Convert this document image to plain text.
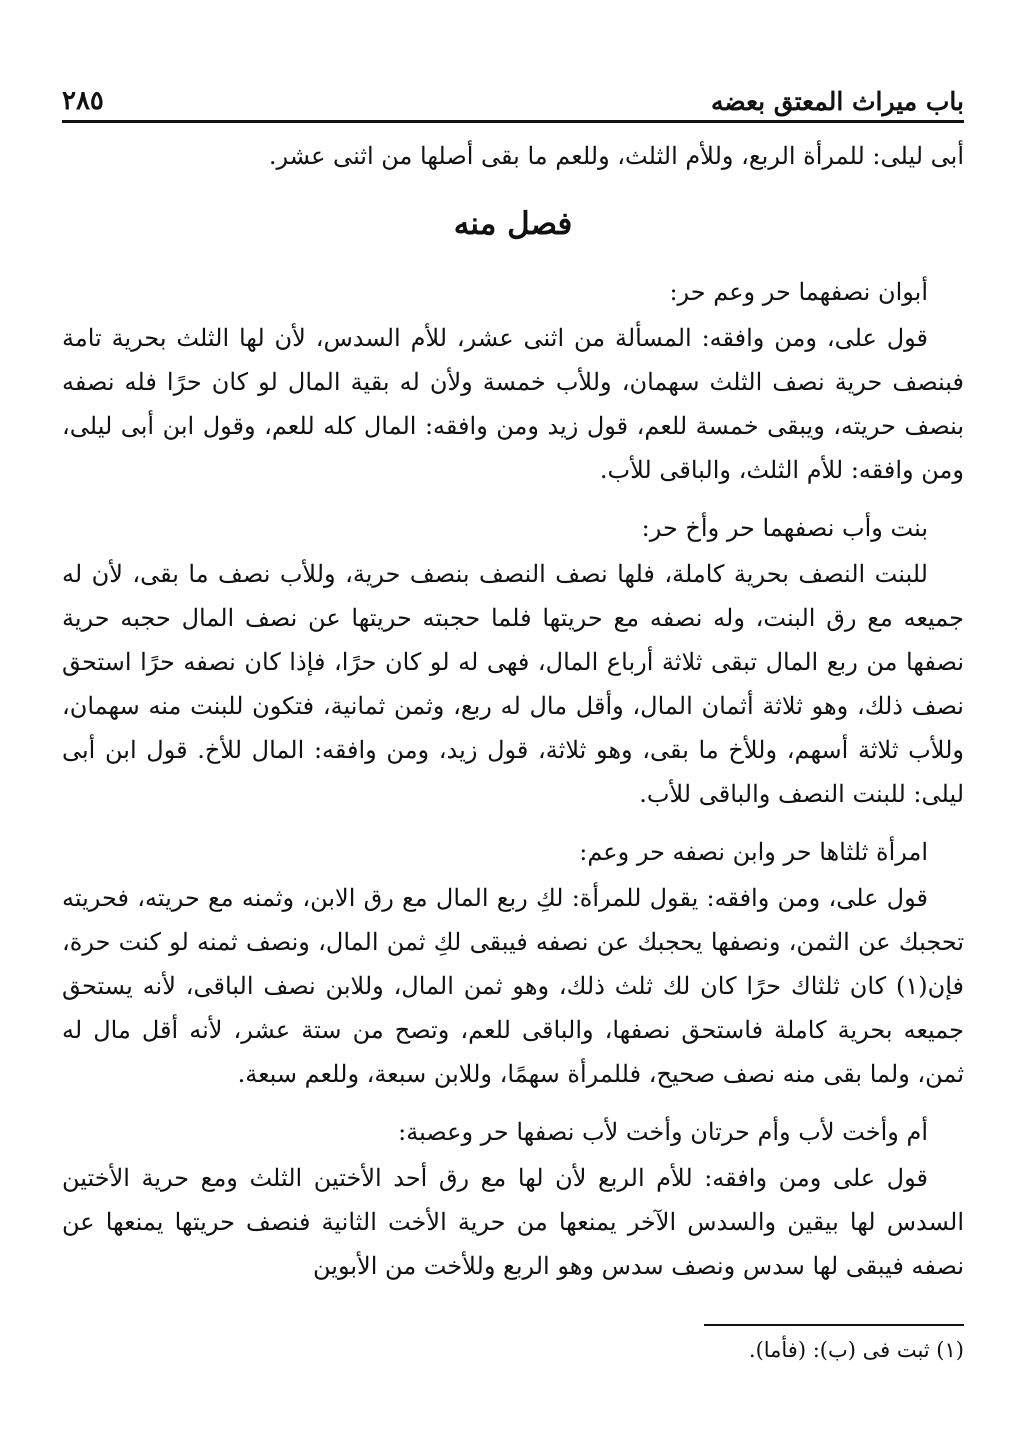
٢٨٥	باب ميراث المعتق بعضه

أبى ليلى: للمرأة الربع، وللأم الثلث، وللعم ما بقى أصلها من اثنى عشر.

فصل منه

أبوان نصفهما حر وعم حر:

قول على، ومن وافقه: المسألة من اثنى عشر، للأم السدس، لأن لها الثلث بحرية تامة فبنصف حرية نصف الثلث سهمان، وللأب خمسة ولأن له بقية المال لو كان حرًا فله نصفه بنصف حريته، ويبقى خمسة للعم، قول زيد ومن وافقه: المال كله للعم، وقول ابن أبى ليلى، ومن وافقه: للأم الثلث، والباقى للأب.

بنت وأب نصفهما حر وأخ حر:

للبنت النصف بحرية كاملة، فلها نصف النصف بنصف حرية، وللأب نصف ما بقى، لأن له جميعه مع رق البنت، وله نصفه مع حريتها فلما حجبته حريتها عن نصف المال حجبه حرية نصفها من ربع المال تبقى ثلاثة أرباع المال، فهى له لو كان حرًا، فإذا كان نصفه حرًا استحق نصف ذلك، وهو ثلاثة أثمان المال، وأقل مال له ربع، وثمن ثمانية، فتكون للبنت منه سهمان، وللأب ثلاثة أسهم، وللأخ ما بقى، وهو ثلاثة، قول زيد، ومن وافقه: المال للأخ. قول ابن أبى ليلى: للبنت النصف والباقى للأب.

امرأة ثلثاها حر وابن نصفه حر وعم:

قول على، ومن وافقه: يقول للمرأة: لكِ ربع المال مع رق الابن، وثمنه مع حريته، فحريته تحجبك عن الثمن، ونصفها يحجبك عن نصفه فيبقى لكِ ثمن المال، ونصف ثمنه لو كنت حرة، فإن(١) كان ثلثاك حرًا كان لك ثلث ذلك، وهو ثمن المال، وللابن نصف الباقى، لأنه يستحق جميعه بحرية كاملة فاستحق نصفها، والباقى للعم، وتصح من ستة عشر، لأنه أقل مال له ثمن، ولما بقى منه نصف صحيح، فللمرأة سهمًا، وللابن سبعة، وللعم سبعة.

أم وأخت لأب وأم حرتان وأخت لأب نصفها حر وعصبة:

قول على ومن وافقه: للأم الربع لأن لها مع رق أحد الأختين الثلث ومع حرية الأختين السدس لها بيقين والسدس الآخر يمنعها من حرية الأخت الثانية فنصف حريتها يمنعها عن نصفه فيبقى لها سدس ونصف سدس وهو الربع وللأخت من الأبوين

(١) ثبت فى (ب): (فأما).
